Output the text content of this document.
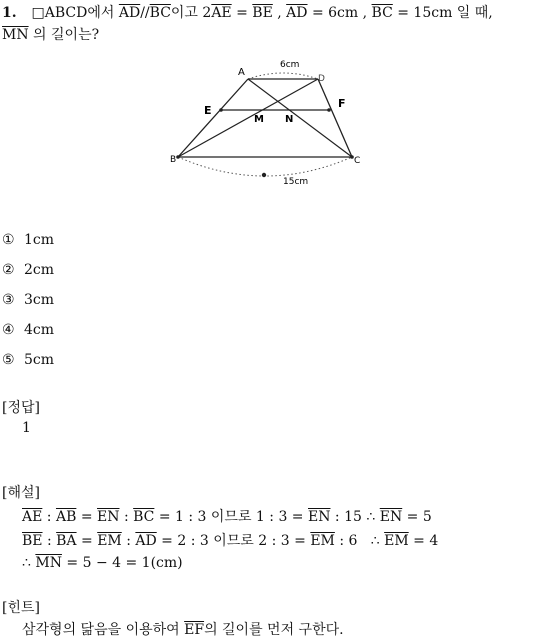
1. □ABCD에서 $\overline{AD}//\overline{BC}$이고 $2\overline{AE} = \overline{BE}$ , $\overline{AD} = 6cm$ , $\overline{BC} = 15cm$ 일 때,
$\overline{MN}$ 의 길이는?
A
D
E
F
M N
B	C
6cm
15cm
① 1cm
② 2cm
③ 3cm
④ 4cm
⑤ 5cm
[정답]
1
[해설]
$\overline{AE}$ : $\overline{AB} = \overline{EN}$ : $\overline{BC} = 1$ : 3 이므로 1 : $3 = \overline{EN}$ : 15 ∴ $\overline{EN} = 5$
$\overline{BE}$ : $\overline{BA} = \overline{EM}$ : $\overline{AD} = 2$ : 3 이므로 2 : $3 = \overline{EM}$ : 6   ∴ $\overline{EM} = 4$
∴ $\overline{MN} = 5 - 4 = 1(cm)$
[힌트]
삼각형의 닮음을 이용하여 $\overline{EF}$의 길이를 먼저 구한다.
